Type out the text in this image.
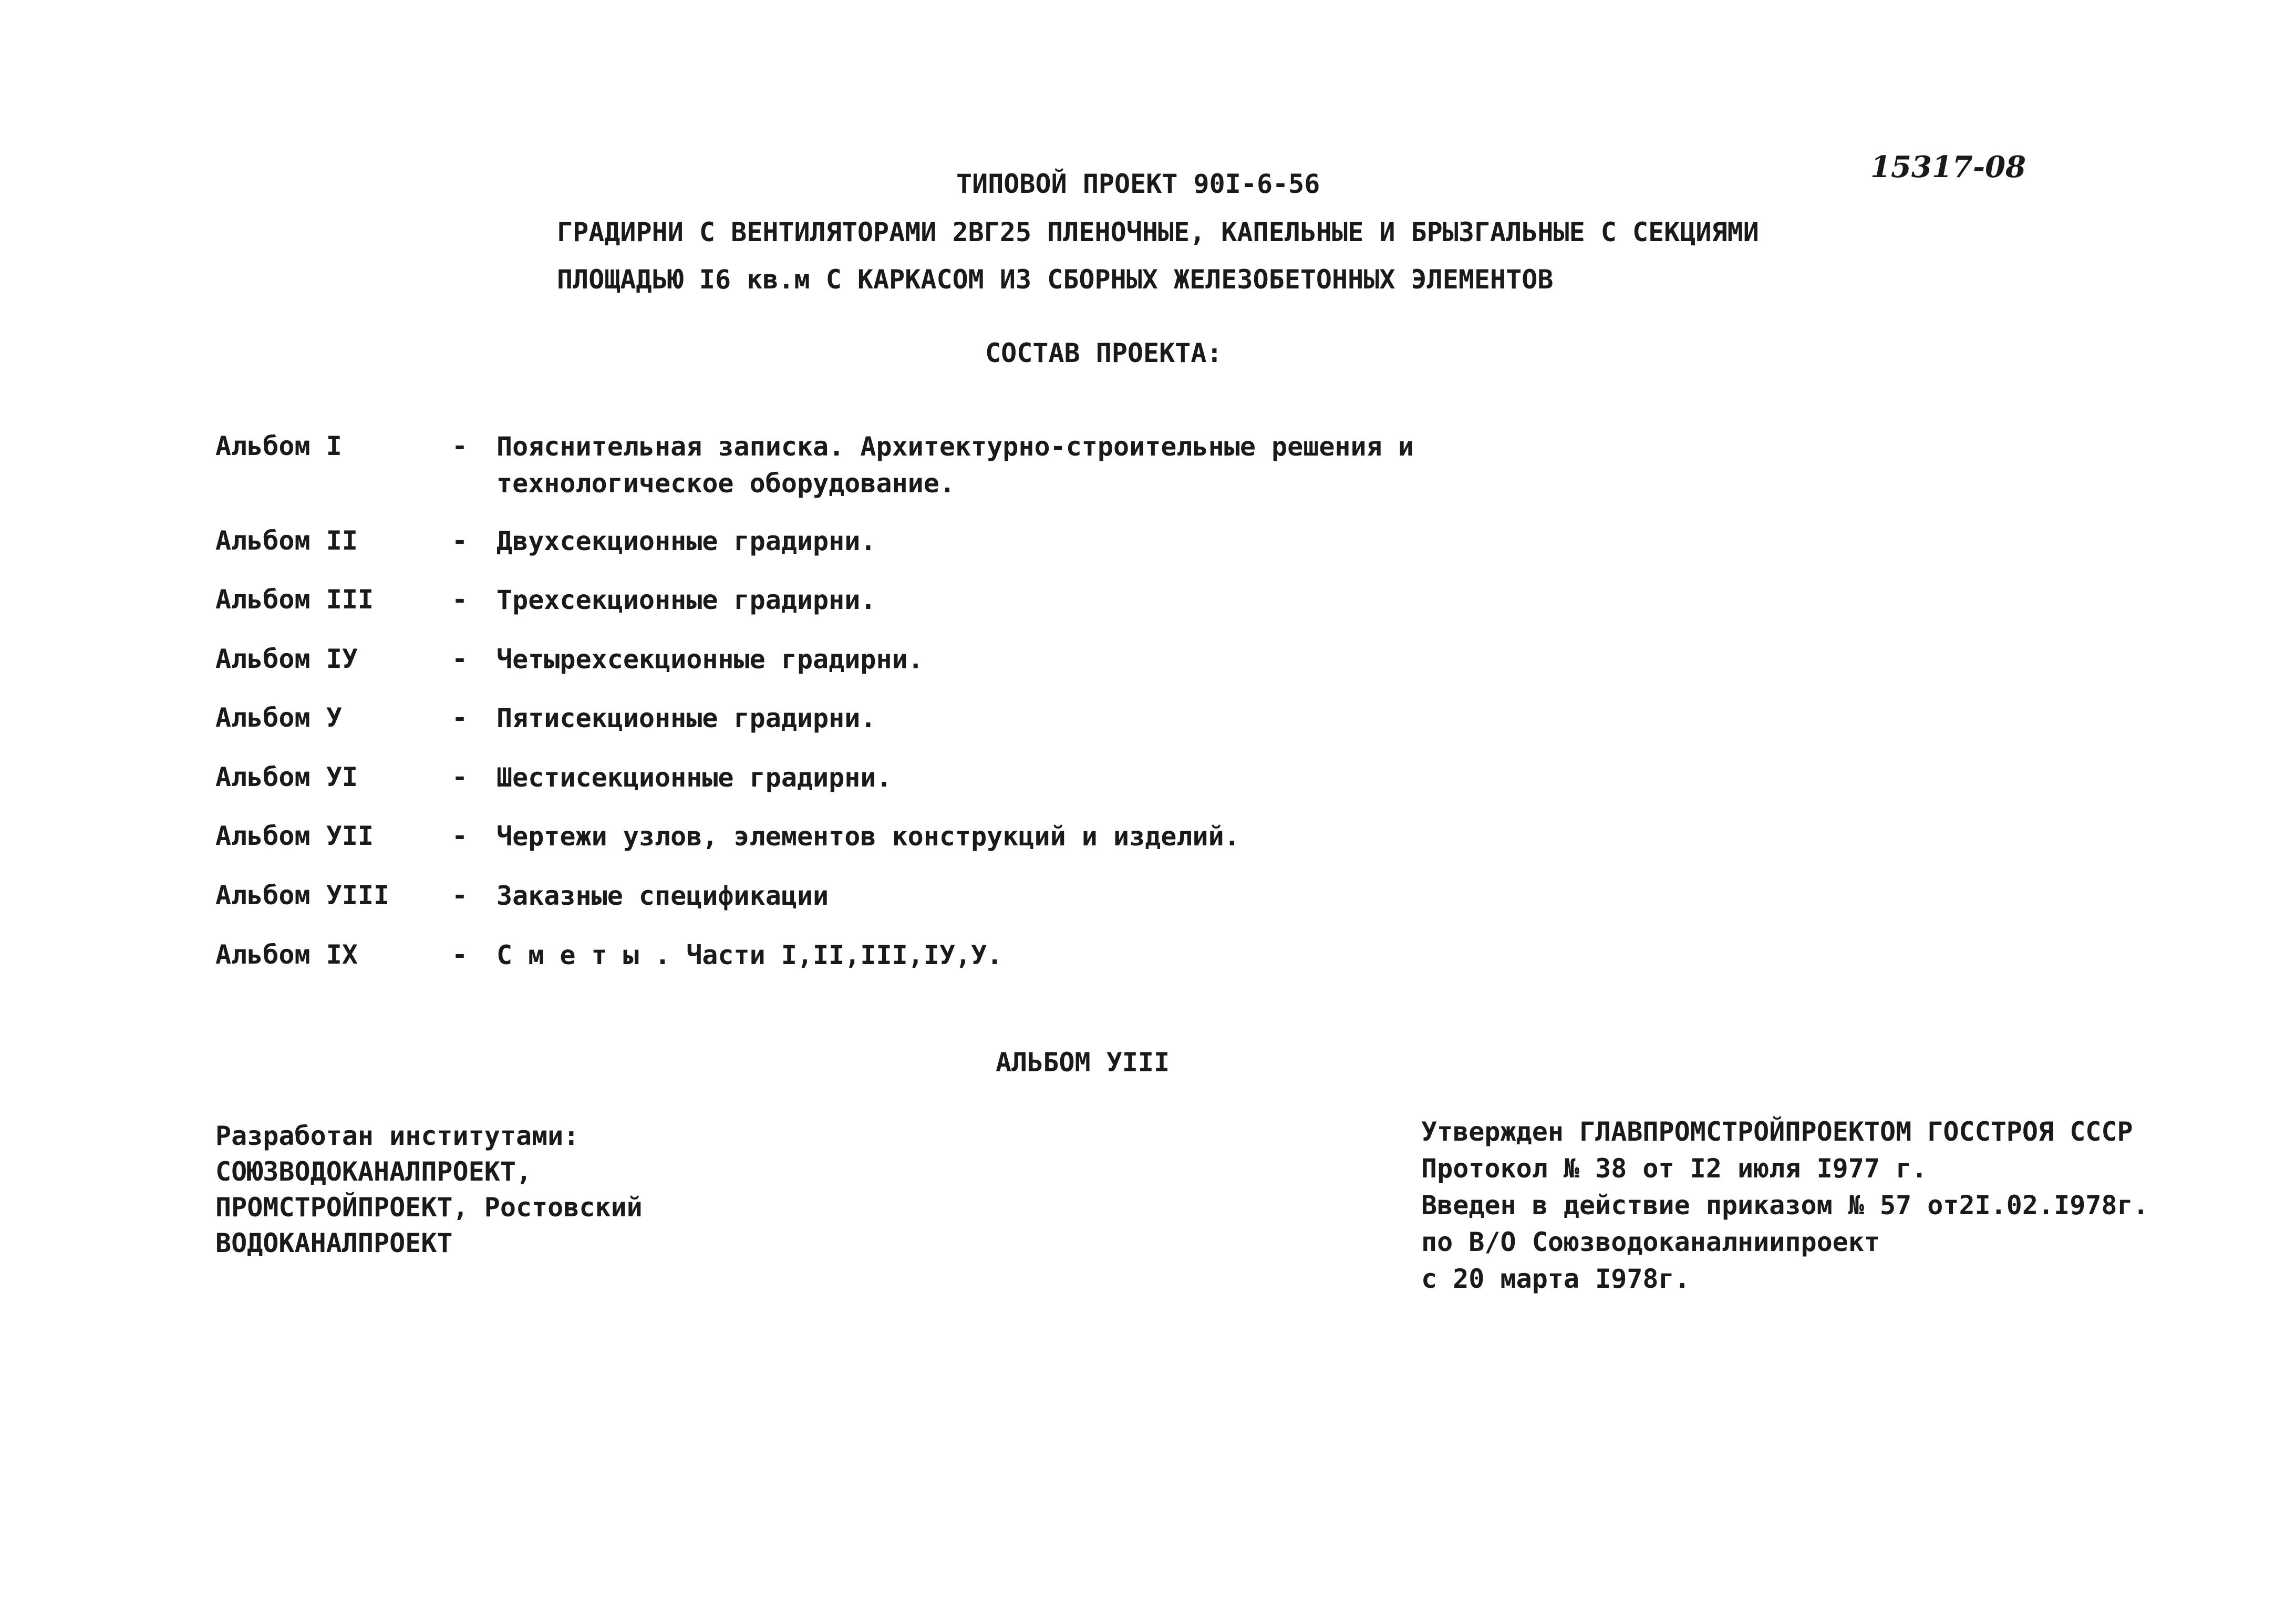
ТИПОВОЙ ПРОЕКТ 90I-6-56	15317-08
ГРАДИРНИ С ВЕНТИЛЯТОРАМИ 2ВГ25 ПЛЕНОЧНЫЕ, КАПЕЛЬНЫЕ И БРЫЗГАЛЬНЫЕ С СЕКЦИЯМИ
ПЛОЩАДЬЮ I6 кв.м С КАРКАСОМ ИЗ СБОРНЫХ ЖЕЛЕЗОБЕТОННЫХ ЭЛЕМЕНТОВ
СОСТАВ ПРОЕКТА:
Альбом I	- Пояснительная записка. Архитектурно-строительные решения и
технологическое оборудование.
Альбом II	- Двухсекционные градирни.
Альбом III	- Трехсекционные градирни.
Альбом IУ	- Четырехсекционные градирни.
Альбом У	- Пятисекционные градирни.
Альбом УI	- Шестисекционные градирни.
Альбом УII	- Чертежи узлов, элементов конструкций и изделий.
Альбом УIII - Заказные спецификации
Альбом IX	- С м е т ы . Части I,II,III,IУ,У.
АЛЬБОМ УIII
Разработан институтами:
СОЮЗВОДОКАНАЛПРОЕКТ,
ПРОМСТРОЙПРОЕКТ, Ростовский
ВОДОКАНАЛПРОЕКТ
Утвержден ГЛАВПРОМСТРОЙПРОЕКТОМ ГОССТРОЯ СССР
Протокол № 38 от I2 июля I977 г.
Введен в действие приказом № 57 от2I.02.I978г.
по В/О Союзводоканалниипроект
с 20 марта I978г.
